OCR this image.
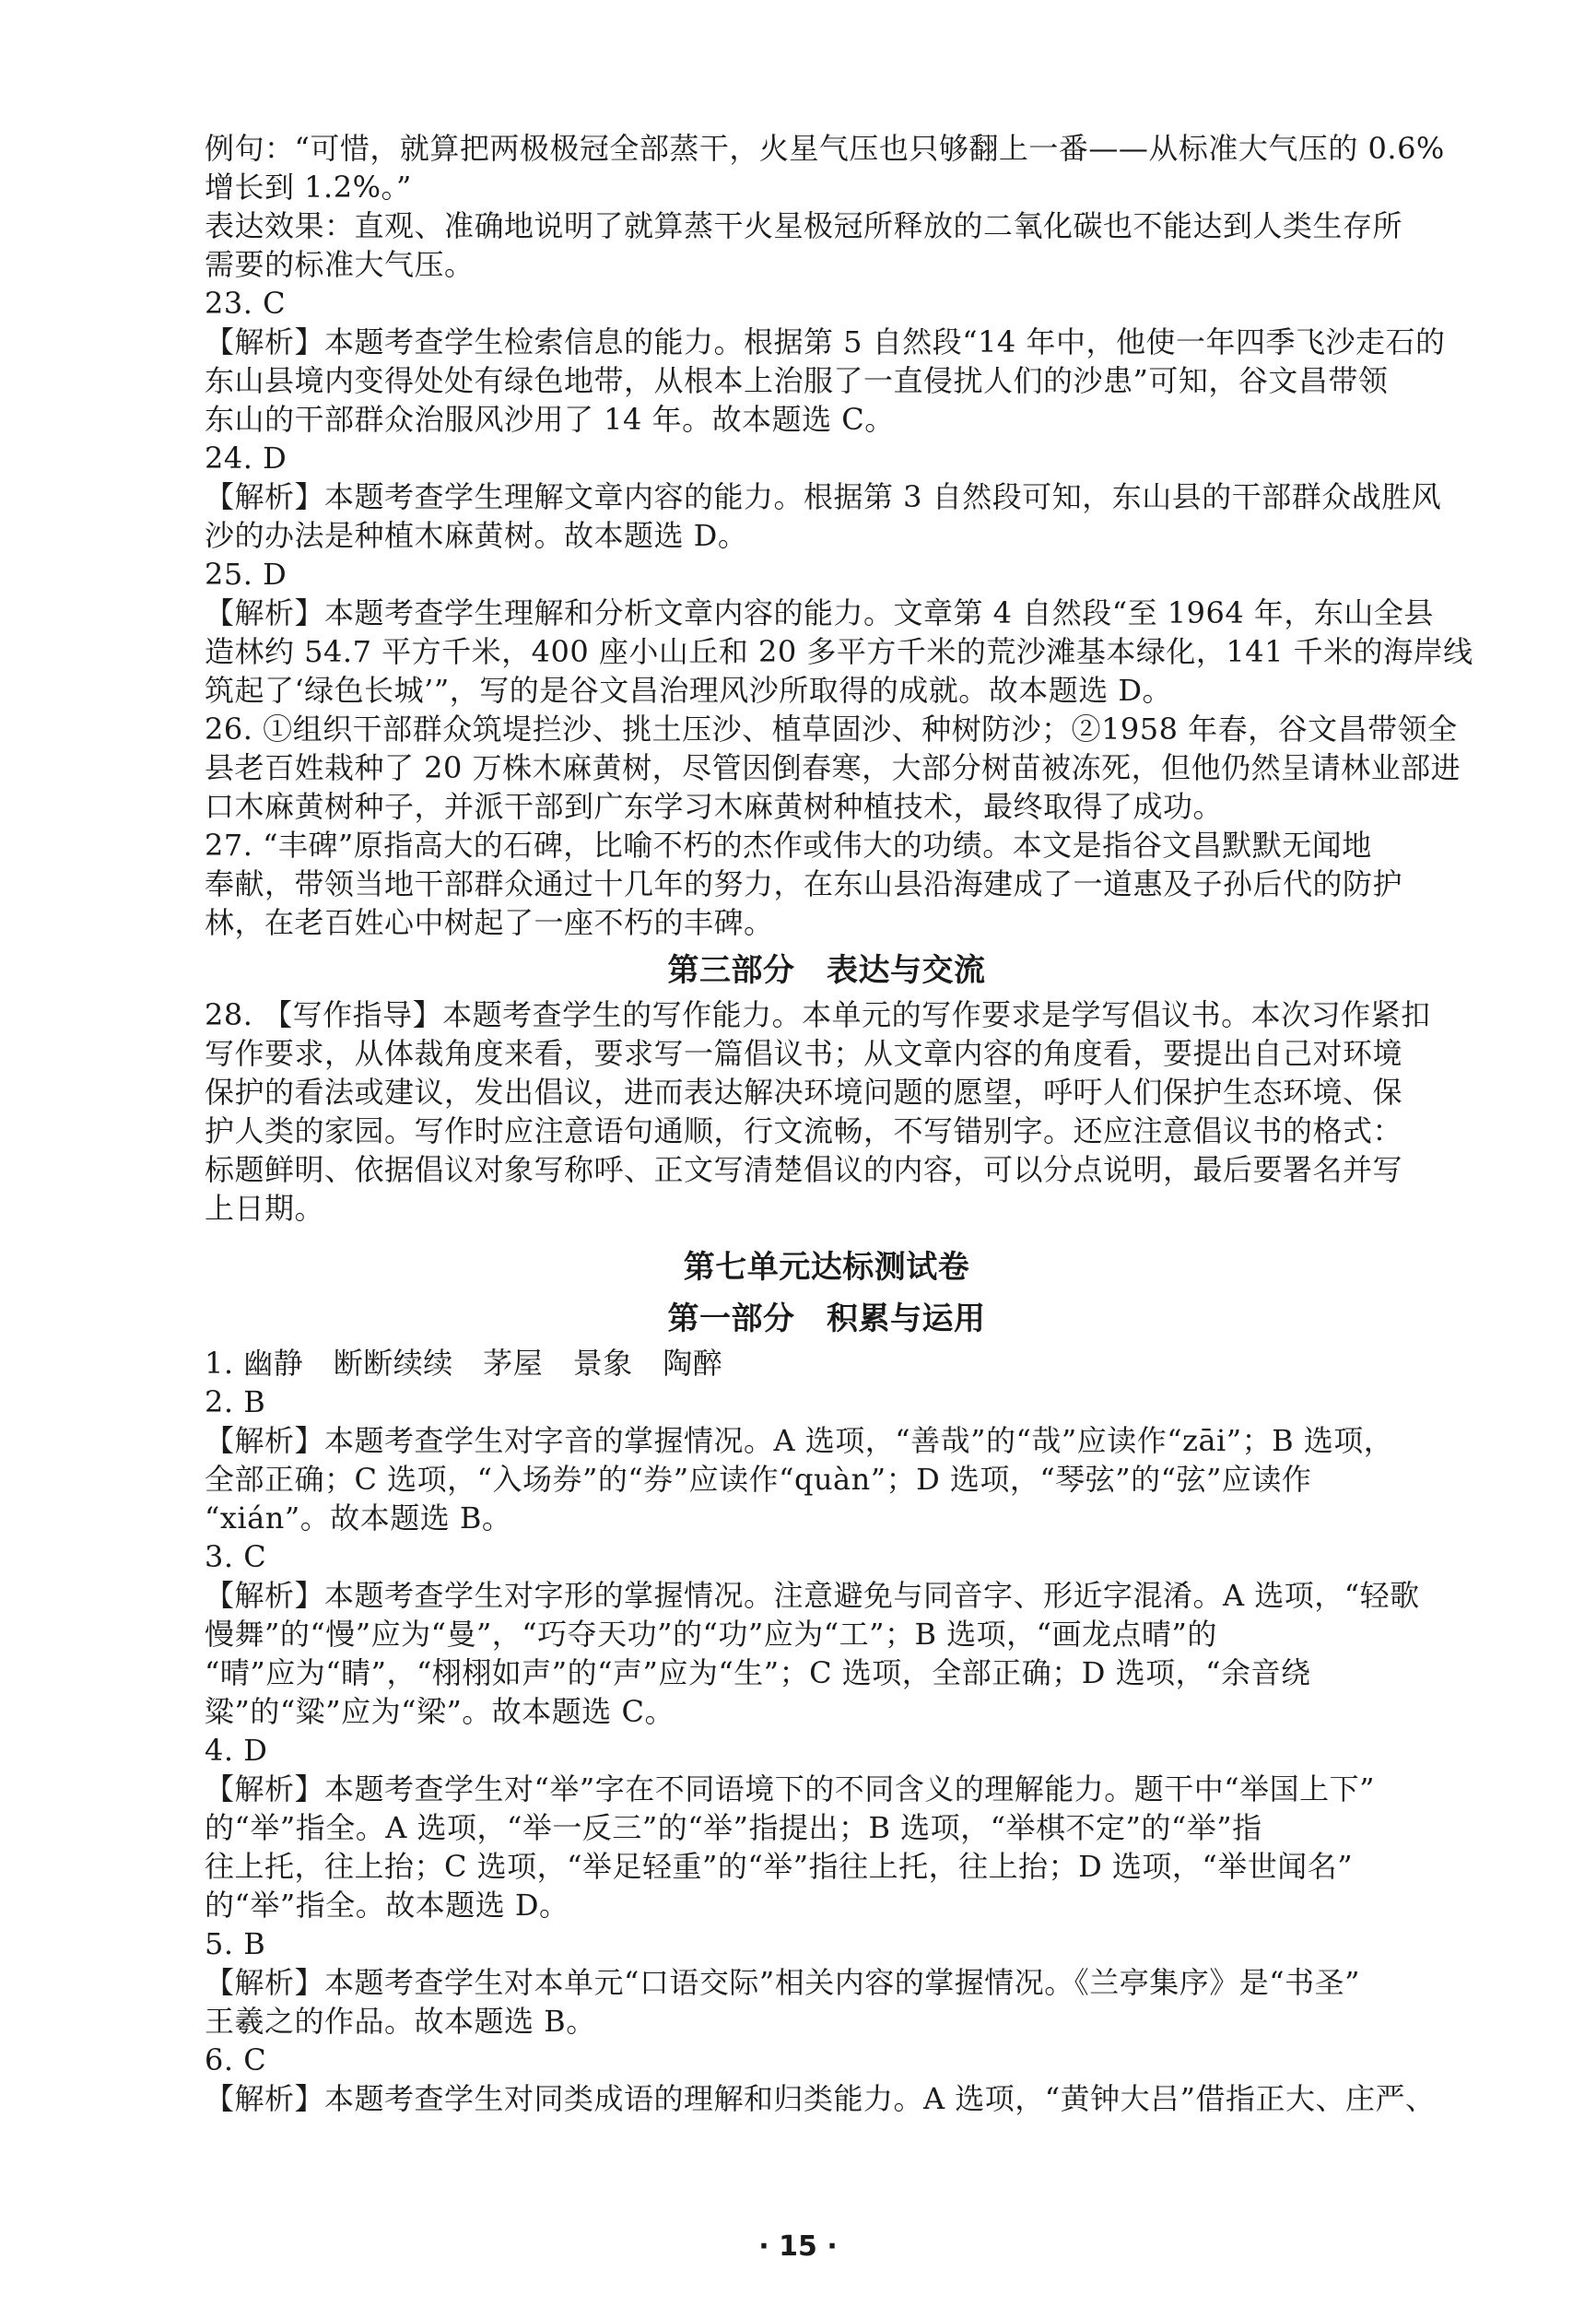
例句：“可惜，就算把两极极冠全部蒸干，火星气压也只够翻上一番——从标准大气压的 0.6%
增长到 1.2%。”
表达效果：直观、准确地说明了就算蒸干火星极冠所释放的二氧化碳也不能达到人类生存所
需要的标准大气压。
23. C
【解析】本题考查学生检索信息的能力。根据第 5 自然段“14 年中，他使一年四季飞沙走石的
东山县境内变得处处有绿色地带，从根本上治服了一直侵扰人们的沙患”可知，谷文昌带领
东山的干部群众治服风沙用了 14 年。故本题选 C。
24. D
【解析】本题考查学生理解文章内容的能力。根据第 3 自然段可知，东山县的干部群众战胜风
沙的办法是种植木麻黄树。故本题选 D。
25. D
【解析】本题考查学生理解和分析文章内容的能力。文章第 4 自然段“至 1964 年，东山全县
造林约 54.7 平方千米，400 座小山丘和 20 多平方千米的荒沙滩基本绿化，141 千米的海岸线
筑起了‘绿色长城’”，写的是谷文昌治理风沙所取得的成就。故本题选 D。
26. ①组织干部群众筑堤拦沙、挑土压沙、植草固沙、种树防沙；②1958 年春，谷文昌带领全
县老百姓栽种了 20 万株木麻黄树，尽管因倒春寒，大部分树苗被冻死，但他仍然呈请林业部进
口木麻黄树种子，并派干部到广东学习木麻黄树种植技术，最终取得了成功。
27. “丰碑”原指高大的石碑，比喻不朽的杰作或伟大的功绩。本文是指谷文昌默默无闻地
奉献，带领当地干部群众通过十几年的努力，在东山县沿海建成了一道惠及子孙后代的防护
林，在老百姓心中树起了一座不朽的丰碑。
第三部分　表达与交流
28. 【写作指导】本题考查学生的写作能力。本单元的写作要求是学写倡议书。本次习作紧扣
写作要求，从体裁角度来看，要求写一篇倡议书；从文章内容的角度看，要提出自己对环境
保护的看法或建议，发出倡议，进而表达解决环境问题的愿望，呼吁人们保护生态环境、保
护人类的家园。写作时应注意语句通顺，行文流畅，不写错别字。还应注意倡议书的格式：
标题鲜明、依据倡议对象写称呼、正文写清楚倡议的内容，可以分点说明，最后要署名并写
上日期。
第七单元达标测试卷
第一部分　积累与运用
1. 幽静　断断续续　茅屋　景象　陶醉
2. B
【解析】本题考查学生对字音的掌握情况。A 选项，“善哉”的“哉”应读作“zāi”；B 选项，
全部正确；C 选项，“入场券”的“券”应读作“quàn”；D 选项，“琴弦”的“弦”应读作
“xián”。故本题选 B。
3. C
【解析】本题考查学生对字形的掌握情况。注意避免与同音字、形近字混淆。A 选项，“轻歌
慢舞”的“慢”应为“曼”，“巧夺天功”的“功”应为“工”；B 选项，“画龙点晴”的
“晴”应为“睛”，“栩栩如声”的“声”应为“生”；C 选项，全部正确；D 选项，“余音绕
粱”的“粱”应为“梁”。故本题选 C。
4. D
【解析】本题考查学生对“举”字在不同语境下的不同含义的理解能力。题干中“举国上下”
的“举”指全。A 选项，“举一反三”的“举”指提出；B 选项，“举棋不定”的“举”指
往上托，往上抬；C 选项，“举足轻重”的“举”指往上托，往上抬；D 选项，“举世闻名”
的“举”指全。故本题选 D。
5. B
【解析】本题考查学生对本单元“口语交际”相关内容的掌握情况。《兰亭集序》是“书圣”
王羲之的作品。故本题选 B。
6. C
【解析】本题考查学生对同类成语的理解和归类能力。A 选项，“黄钟大吕”借指正大、庄严、
· 15 ·
